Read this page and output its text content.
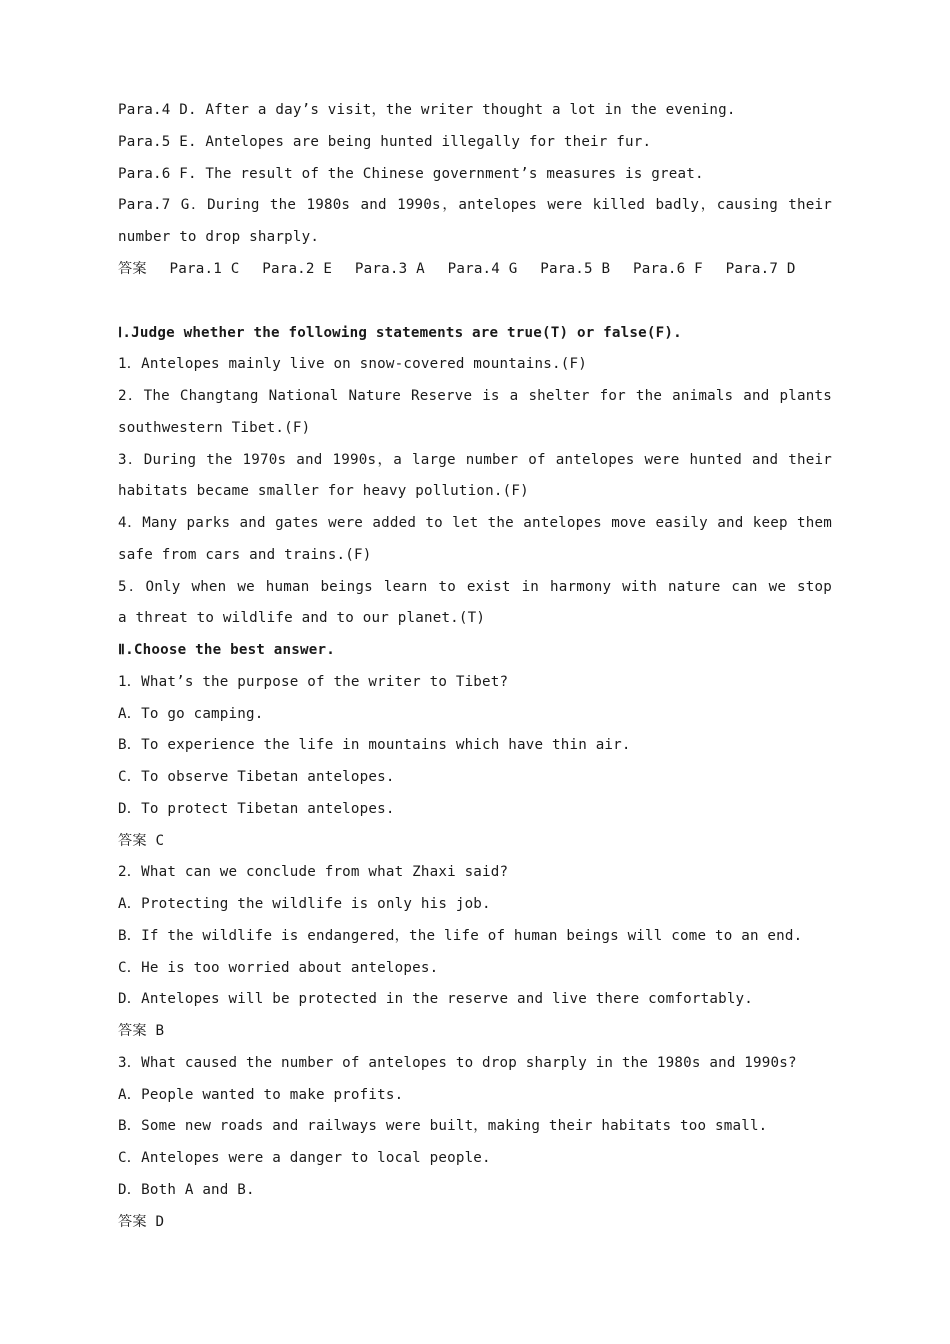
Para.4 D. After a day’s visit，the writer thought a lot in the evening.
Para.5 E. Antelopes are being hunted illegally for their fur.
Para.6 F. The result of the Chinese government’s measures is great.
Para.7 G．During the 1980s and 1990s，antelopes were killed badly，causing their
number to drop sharply.
答案 Para.1 C Para.2 E Para.3 A Para.4 G Para.5 B Para.6 F Para.7 D
Ⅰ.Judge whether the following statements are true(T) or false(F).
1．Antelopes mainly live on snow-covered mountains.(F)
2．The Changtang National Nature Reserve is a shelter for the animals and plants
southwestern Tibet.(F)
3．During the 1970s and 1990s，a large number of antelopes were hunted and their
habitats became smaller for heavy pollution.(F)
4．Many parks and gates were added to let the antelopes move easily and keep them
safe from cars and trains.(F)
5．Only when we human beings learn to exist in harmony with nature can we stop
a threat to wildlife and to our planet.(T)
Ⅱ.Choose the best answer.
1．What’s the purpose of the writer to Tibet?
A．To go camping.
B．To experience the life in mountains which have thin air.
C．To observe Tibetan antelopes.
D．To protect Tibetan antelopes.
答案 C
2．What can we conclude from what Zhaxi said?
A．Protecting the wildlife is only his job.
B．If the wildlife is endangered，the life of human beings will come to an end.
C．He is too worried about antelopes.
D．Antelopes will be protected in the reserve and live there comfortably.
答案 B
3．What caused the number of antelopes to drop sharply in the 1980s and 1990s?
A．People wanted to make profits.
B．Some new roads and railways were built，making their habitats too small.
C．Antelopes were a danger to local people.
D．Both A and B.
答案 D
